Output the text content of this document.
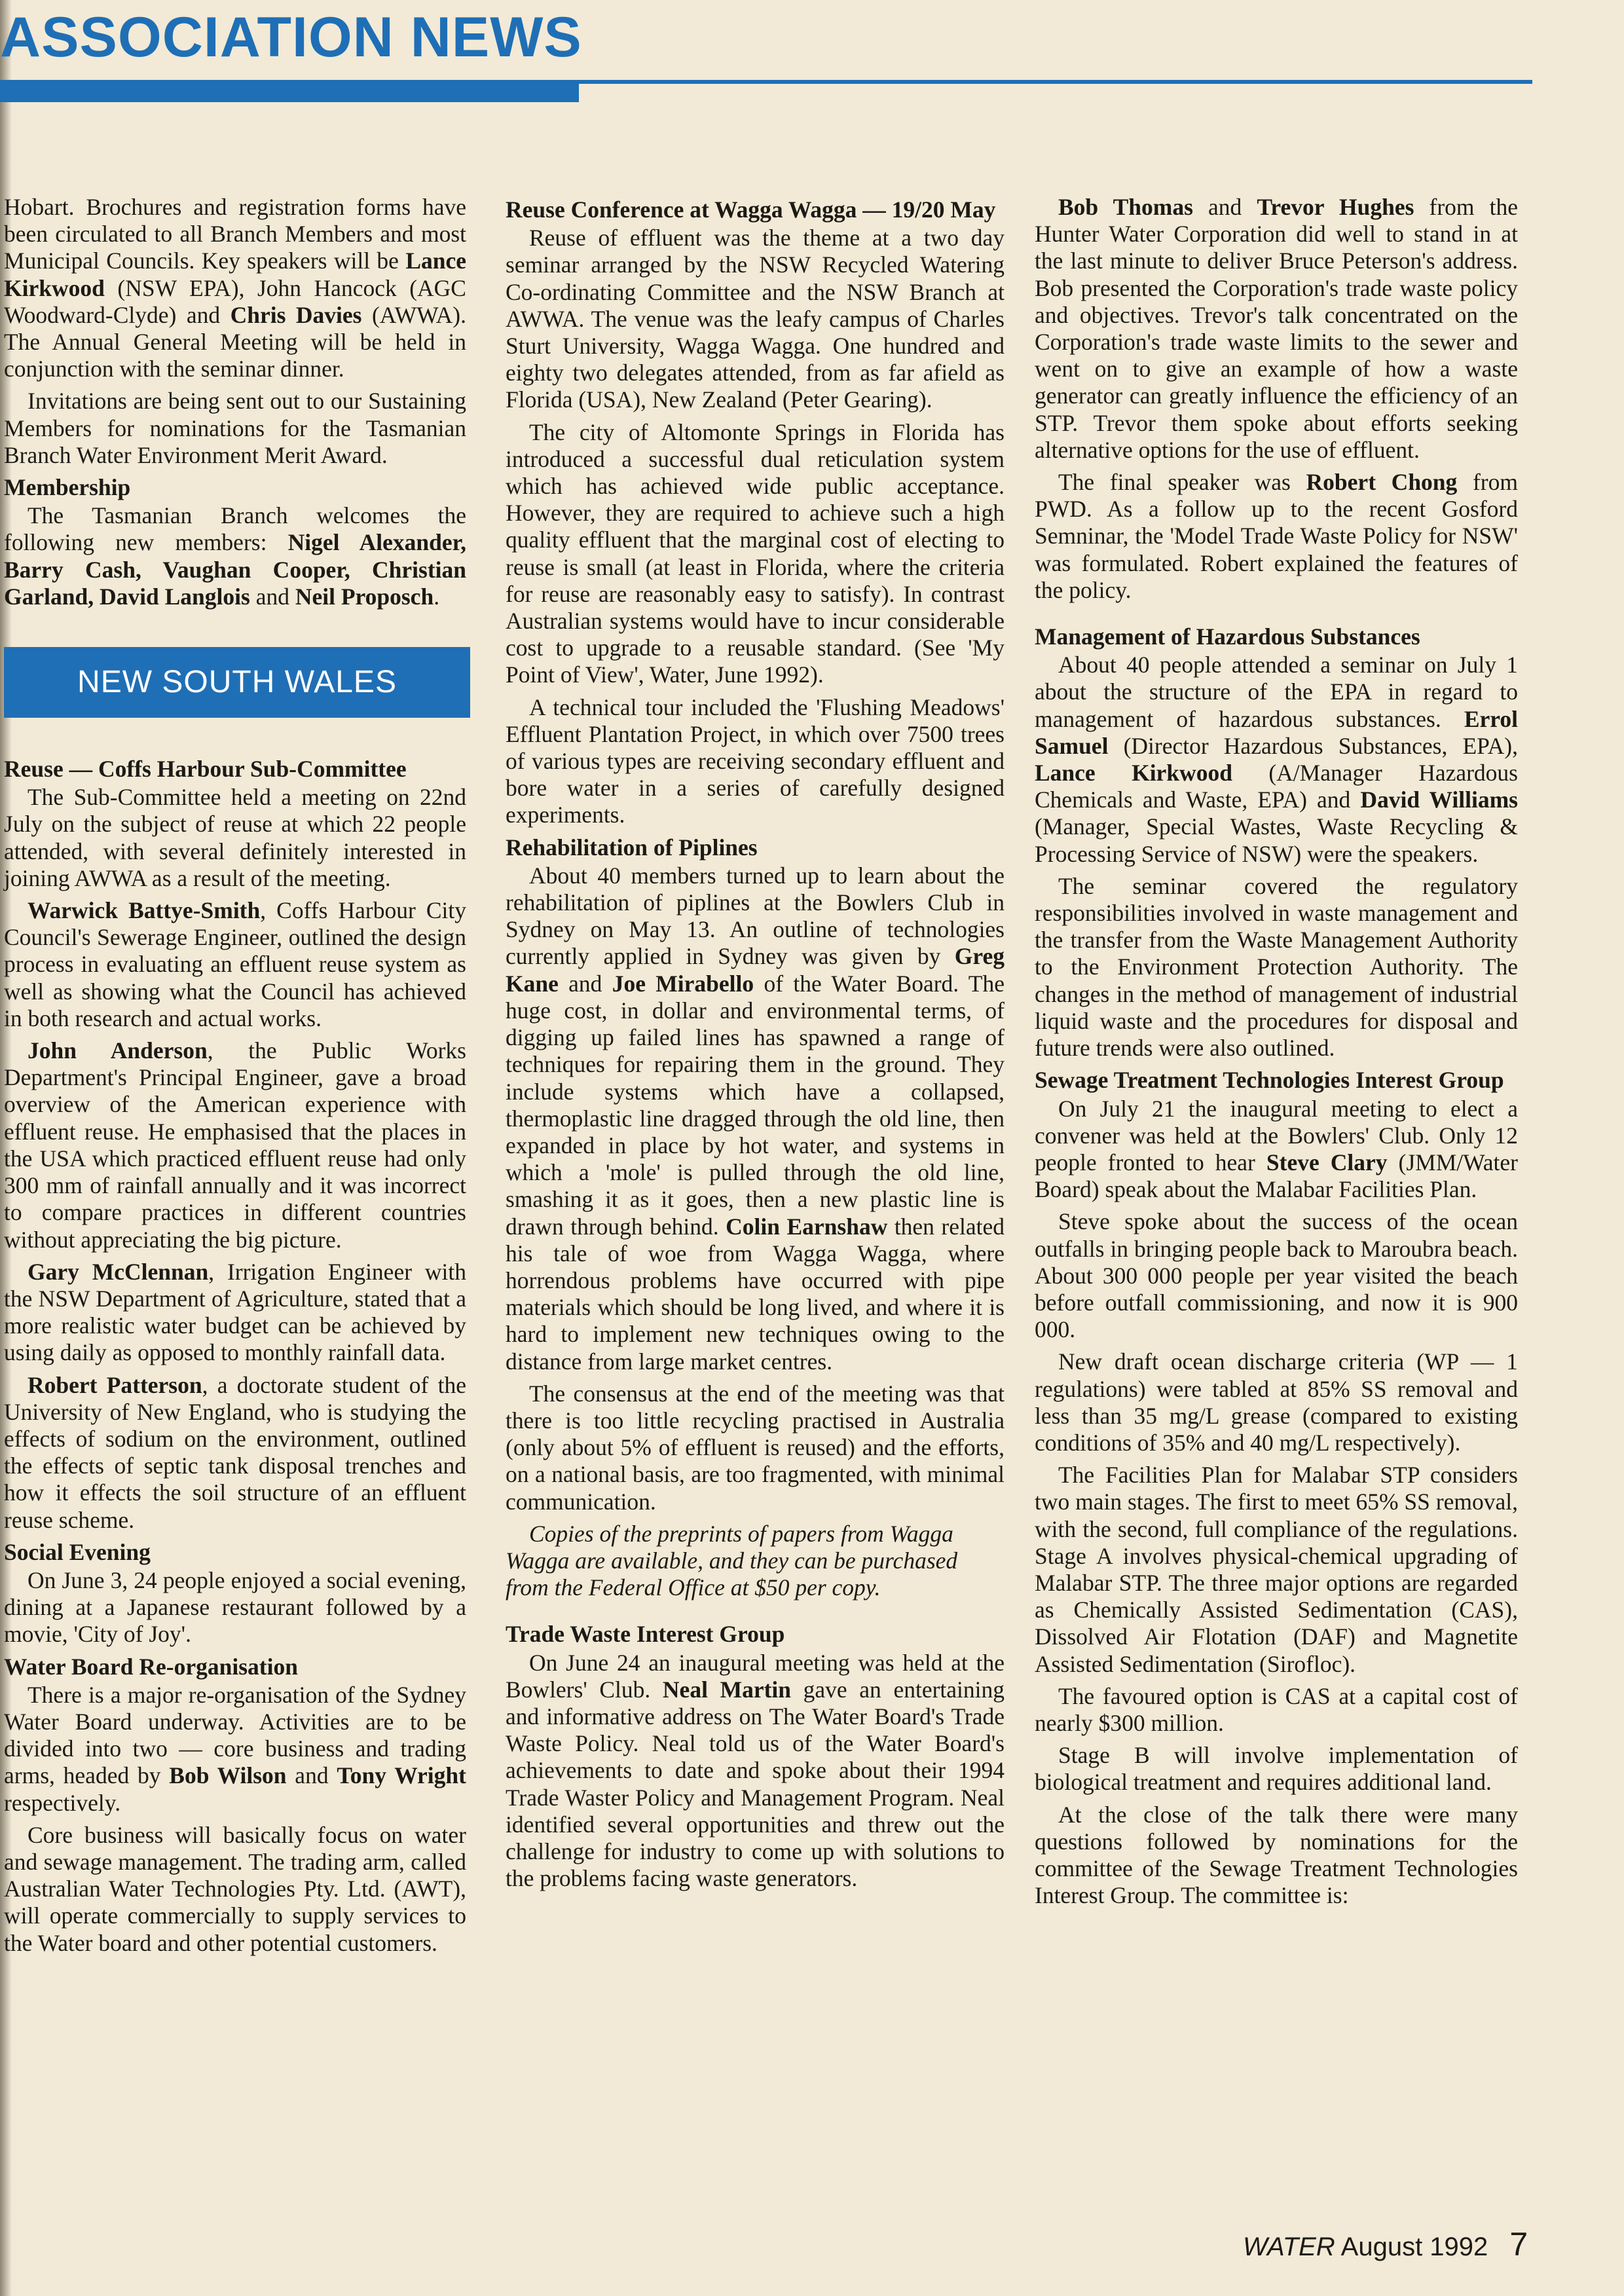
ASSOCIATION NEWS

Hobart. Brochures and registration forms have been circulated to all Branch Members and most Municipal Councils. Key speakers will be Lance Kirkwood (NSW EPA), John Hancock (AGC Woodward-Clyde) and Chris Davies (AWWA). The Annual General Meeting will be held in conjunction with the seminar dinner.

Invitations are being sent out to our Sustaining Members for nominations for the Tasmanian Branch Water Environment Merit Award.

Membership

The Tasmanian Branch welcomes the following new members: Nigel Alexander, Barry Cash, Vaughan Cooper, Christian Garland, David Langlois and Neil Proposch.

NEW SOUTH WALES
Reuse — Coffs Harbour Sub-Committee

The Sub-Committee held a meeting on 22nd July on the subject of reuse at which 22 people attended, with several definitely interested in joining AWWA as a result of the meeting.

Warwick Battye-Smith, Coffs Harbour City Council's Sewerage Engineer, outlined the design process in evaluating an effluent reuse system as well as showing what the Council has achieved in both research and actual works.

John Anderson, the Public Works Department's Principal Engineer, gave a broad overview of the American experience with effluent reuse. He emphasised that the places in the USA which practiced effluent reuse had only 300 mm of rainfall annually and it was incorrect to compare practices in different countries without appreciating the big picture.

Gary McClennan, Irrigation Engineer with the NSW Department of Agriculture, stated that a more realistic water budget can be achieved by using daily as opposed to monthly rainfall data.

Robert Patterson, a doctorate student of the University of New England, who is studying the effects of sodium on the environment, outlined the effects of septic tank disposal trenches and how it effects the soil structure of an effluent reuse scheme.

Social Evening

On June 3, 24 people enjoyed a social evening, dining at a Japanese restaurant followed by a movie, 'City of Joy'.

Water Board Re-organisation

There is a major re-organisation of the Sydney Water Board underway. Activities are to be divided into two — core business and trading arms, headed by Bob Wilson and Tony Wright respectively.

Core business will basically focus on water and sewage management. The trading arm, called Australian Water Technologies Pty. Ltd. (AWT), will operate commercially to supply services to the Water board and other potential customers.

Reuse Conference at Wagga Wagga — 19/20 May

Reuse of effluent was the theme at a two day seminar arranged by the NSW Recycled Watering Co-ordinating Committee and the NSW Branch at AWWA. The venue was the leafy campus of Charles Sturt University, Wagga Wagga. One hundred and eighty two delegates attended, from as far afield as Florida (USA), New Zealand (Peter Gearing).

The city of Altomonte Springs in Florida has introduced a successful dual reticulation system which has achieved wide public acceptance. However, they are required to achieve such a high quality effluent that the marginal cost of electing to reuse is small (at least in Florida, where the criteria for reuse are reasonably easy to satisfy). In contrast Australian systems would have to incur considerable cost to upgrade to a reusable standard. (See 'My Point of View', Water, June 1992).

A technical tour included the 'Flushing Meadows' Effluent Plantation Project, in which over 7500 trees of various types are receiving secondary effluent and bore water in a series of carefully designed experiments.

Rehabilitation of Piplines

About 40 members turned up to learn about the rehabilitation of piplines at the Bowlers Club in Sydney on May 13. An outline of technologies currently applied in Sydney was given by Greg Kane and Joe Mirabello of the Water Board. The huge cost, in dollar and environmental terms, of digging up failed lines has spawned a range of techniques for repairing them in the ground. They include systems which have a collapsed, thermoplastic line dragged through the old line, then expanded in place by hot water, and systems in which a 'mole' is pulled through the old line, smashing it as it goes, then a new plastic line is drawn through behind. Colin Earnshaw then related his tale of woe from Wagga Wagga, where horrendous problems have occurred with pipe materials which should be long lived, and where it is hard to implement new techniques owing to the distance from large market centres.

The consensus at the end of the meeting was that there is too little recycling practised in Australia (only about 5% of effluent is reused) and the efforts, on a national basis, are too fragmented, with minimal communication.

Copies of the preprints of papers from Wagga Wagga are available, and they can be purchased from the Federal Office at $50 per copy.

Trade Waste Interest Group

On June 24 an inaugural meeting was held at the Bowlers' Club. Neal Martin gave an entertaining and informative address on The Water Board's Trade Waste Policy. Neal told us of the Water Board's achievements to date and spoke about their 1994 Trade Waster Policy and Management Program. Neal identified several opportunities and threw out the challenge for industry to come up with solutions to the problems facing waste generators.

Bob Thomas and Trevor Hughes from the Hunter Water Corporation did well to stand in at the last minute to deliver Bruce Peterson's address. Bob presented the Corporation's trade waste policy and objectives. Trevor's talk concentrated on the Corporation's trade waste limits to the sewer and went on to give an example of how a waste generator can greatly influence the efficiency of an STP. Trevor them spoke about efforts seeking alternative options for the use of effluent.

The final speaker was Robert Chong from PWD. As a follow up to the recent Gosford Semninar, the 'Model Trade Waste Policy for NSW' was formulated. Robert explained the features of the policy.

Management of Hazardous Substances

About 40 people attended a seminar on July 1 about the structure of the EPA in regard to management of hazardous substances. Errol Samuel (Director Hazardous Substances, EPA), Lance Kirkwood (A/Manager Hazardous Chemicals and Waste, EPA) and David Williams (Manager, Special Wastes, Waste Recycling & Processing Service of NSW) were the speakers.

The seminar covered the regulatory responsibilities involved in waste management and the transfer from the Waste Management Authority to the Environment Protection Authority. The changes in the method of management of industrial liquid waste and the procedures for disposal and future trends were also outlined.

Sewage Treatment Technologies Interest Group

On July 21 the inaugural meeting to elect a convener was held at the Bowlers' Club. Only 12 people fronted to hear Steve Clary (JMM/Water Board) speak about the Malabar Facilities Plan.

Steve spoke about the success of the ocean outfalls in bringing people back to Maroubra beach. About 300 000 people per year visited the beach before outfall commissioning, and now it is 900 000.

New draft ocean discharge criteria (WP — 1 regulations) were tabled at 85% SS removal and less than 35 mg/L grease (compared to existing conditions of 35% and 40 mg/L respectively).

The Facilities Plan for Malabar STP considers two main stages. The first to meet 65% SS removal, with the second, full compliance of the regulations. Stage A involves physical-chemical upgrading of Malabar STP. The three major options are regarded as Chemically Assisted Sedimentation (CAS), Dissolved Air Flotation (DAF) and Magnetite Assisted Sedimentation (Sirofloc).

The favoured option is CAS at a capital cost of nearly $300 million.

Stage B will involve implementation of biological treatment and requires additional land.

At the close of the talk there were many questions followed by nominations for the committee of the Sewage Treatment Technologies Interest Group. The committee is:

WATER August 1992 7
